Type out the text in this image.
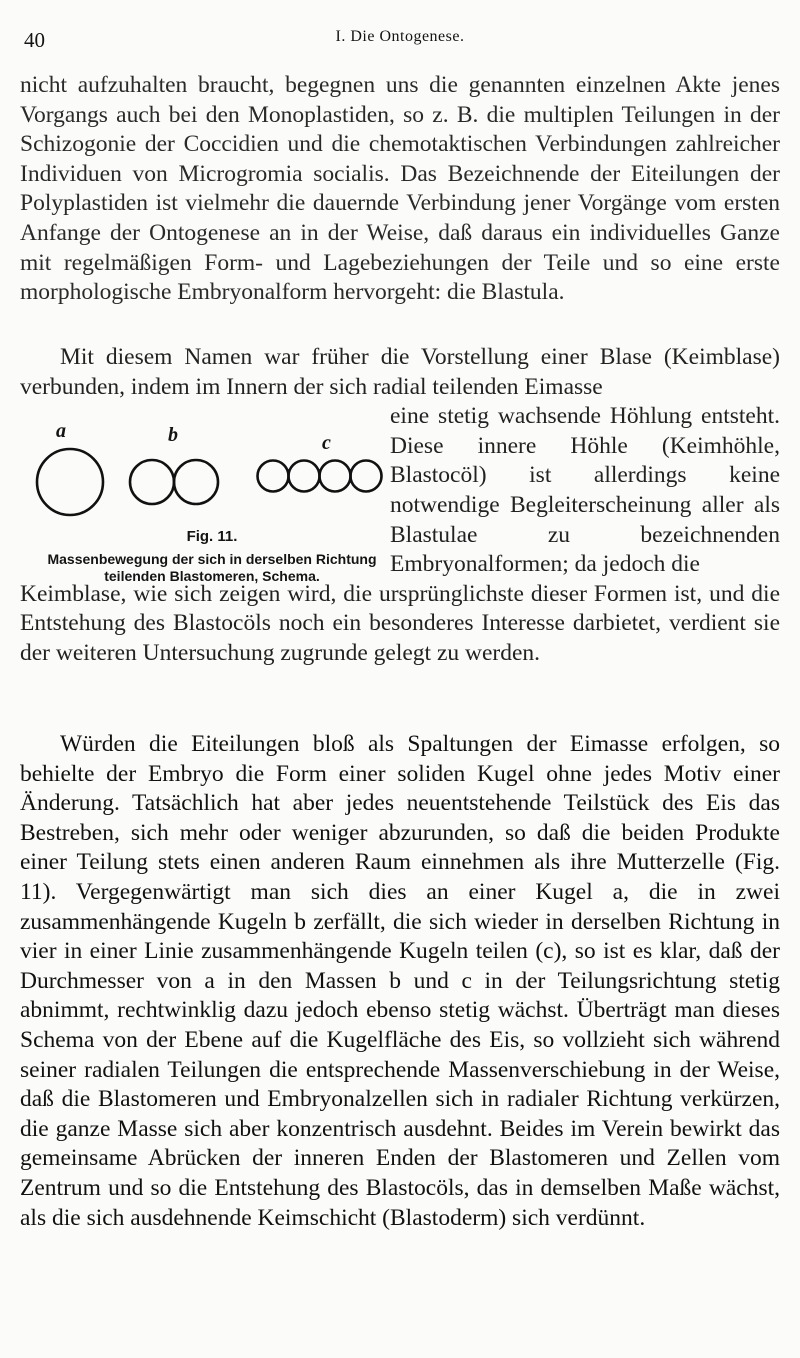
40	I. Die Ontogenese.
nicht aufzuhalten braucht, begegnen uns die genannten einzelnen Akte jenes Vorgangs auch bei den Monoplastiden, so z. B. die multiplen Teilungen in der Schizogonie der Coccidien und die chemotaktischen Verbindungen zahlreicher Individuen von Microgromia socialis. Das Bezeichnende der Eiteilungen der Polyplastiden ist vielmehr die dauernde Verbindung jener Vorgänge vom ersten Anfange der Ontogenese an in der Weise, daß daraus ein individuelles Ganze mit regelmäßigen Form- und Lagebeziehungen der Teile und so eine erste morphologische Embryonalform hervorgeht: die Blastula.
Mit diesem Namen war früher die Vorstellung einer Blase (Keimblase) verbunden, indem im Innern der sich radial teilenden Eimasse
eine stetig wachsende Höhlung entsteht. Diese innere Höhle (Keimhöhle, Blastocöl) ist allerdings keine notwendige Begleiterscheinung aller als Blastulae zu bezeichnenden Embryonalformen; da jedoch die
Keimblase, wie sich zeigen wird, die ursprünglichste dieser Formen ist, und die Entstehung des Blastocöls noch ein besonderes Interesse darbietet, verdient sie der weiteren Untersuchung zugrunde gelegt zu werden.
a	b	c
Fig. 11.
Massenbewegung der sich in derselben Richtung teilenden Blastomeren, Schema.
Würden die Eiteilungen bloß als Spaltungen der Eimasse erfolgen, so behielte der Embryo die Form einer soliden Kugel ohne jedes Motiv einer Änderung. Tatsächlich hat aber jedes neuentstehende Teilstück des Eis das Bestreben, sich mehr oder weniger abzurunden, so daß die beiden Produkte einer Teilung stets einen anderen Raum einnehmen als ihre Mutterzelle (Fig. 11). Vergegenwärtigt man sich dies an einer Kugel a, die in zwei zusammenhängende Kugeln b zerfällt, die sich wieder in derselben Richtung in vier in einer Linie zusammenhängende Kugeln teilen (c), so ist es klar, daß der Durchmesser von a in den Massen b und c in der Teilungsrichtung stetig abnimmt, rechtwinklig dazu jedoch ebenso stetig wächst. Überträgt man dieses Schema von der Ebene auf die Kugelfläche des Eis, so vollzieht sich während seiner radialen Teilungen die entsprechende Massenverschiebung in der Weise, daß die Blastomeren und Embryonalzellen sich in radialer Richtung verkürzen, die ganze Masse sich aber konzentrisch ausdehnt. Beides im Verein bewirkt das gemeinsame Abrücken der inneren Enden der Blastomeren und Zellen vom Zentrum und so die Entstehung des Blastocöls, das in demselben Maße wächst, als die sich ausdehnende Keimschicht (Blastoderm) sich verdünnt.
